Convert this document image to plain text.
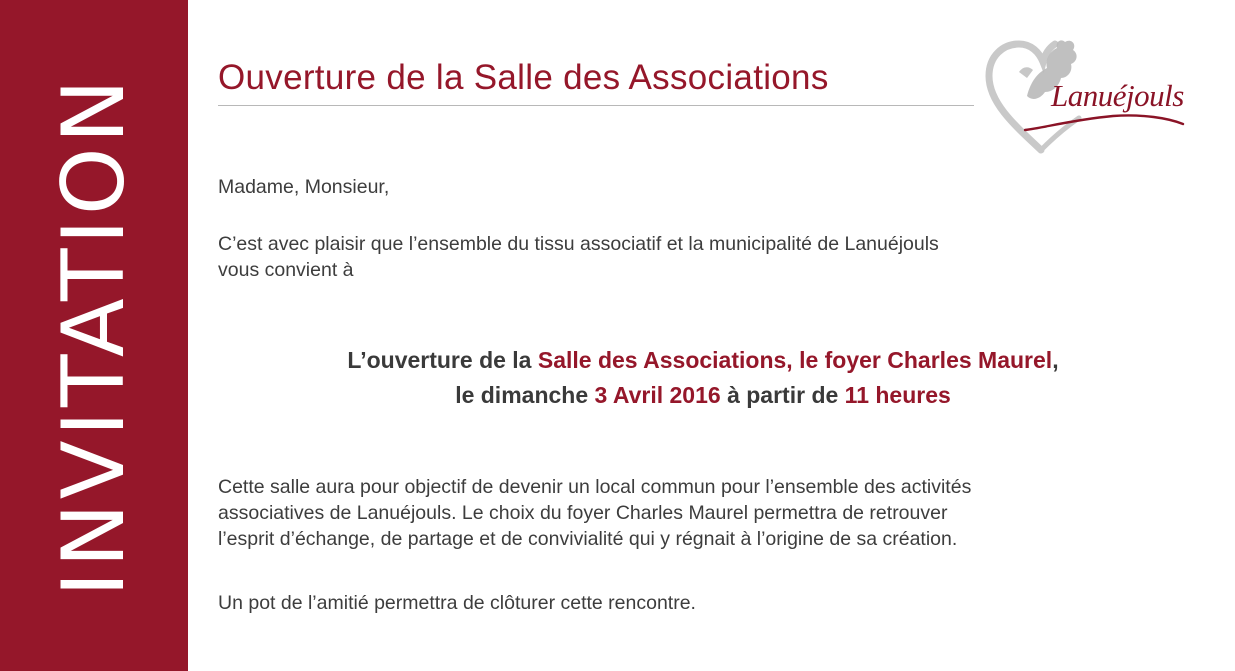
INVITATION Ouverture de la Salle des Associations	Lanuéjouls

Madame, Monsieur,

C’est avec plaisir que l’ensemble du tissu associatif et la municipalité de Lanuéjouls
vous convient à

L’ouverture de la Salle des Associations, le foyer Charles Maurel,
le dimanche 3 Avril 2016 à partir de 11 heures

Cette salle aura pour objectif de devenir un local commun pour l’ensemble des activités
associatives de Lanuéjouls. Le choix du foyer Charles Maurel permettra de retrouver
l’esprit d’échange, de partage et de convivialité qui y régnait à l’origine de sa création.

Un pot de l’amitié permettra de clôturer cette rencontre.
